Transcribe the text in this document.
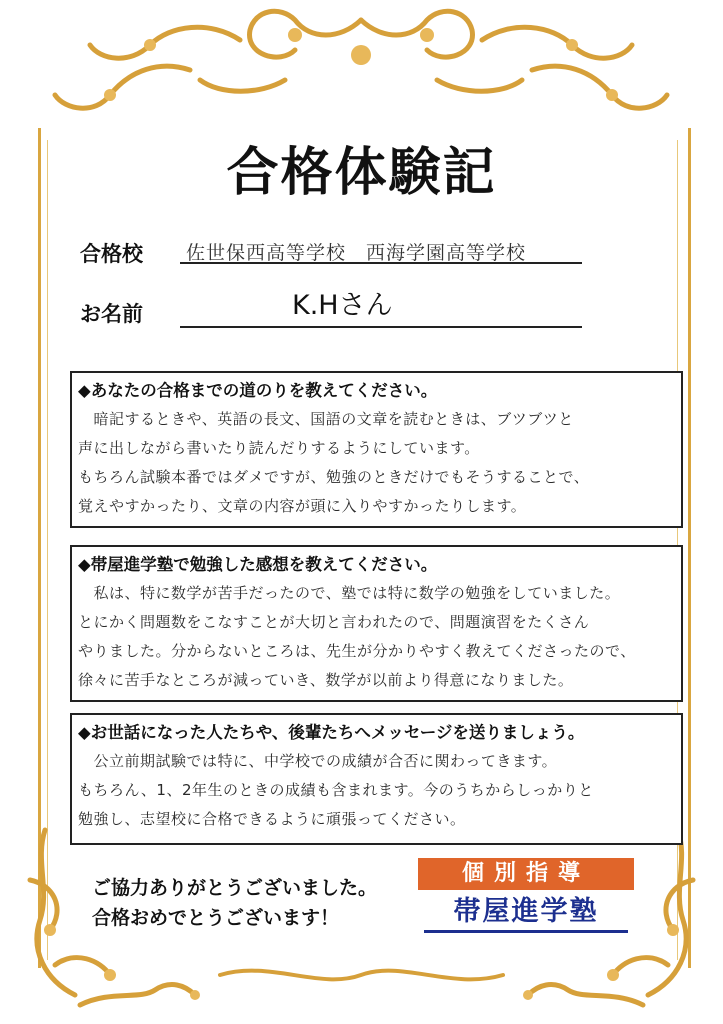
合格体験記
合格校 佐世保西高等学校　西海学園高等学校
お名前	K.Hさん
◆あなたの合格までの道のりを教えてください。

　暗記するときや、英語の長文、国語の文章を読むときは、ブツブツと

声に出しながら書いたり読んだりするようにしています。

もちろん試験本番ではダメですが、勉強のときだけでもそうすることで、

覚えやすかったり、文章の内容が頭に入りやすかったりします。

◆帯屋進学塾で勉強した感想を教えてください。

　私は、特に数学が苦手だったので、塾では特に数学の勉強をしていました。

とにかく問題数をこなすことが大切と言われたので、問題演習をたくさん

やりました。分からないところは、先生が分かりやすく教えてくださったので、

徐々に苦手なところが減っていき、数学が以前より得意になりました。

◆お世話になった人たちや、後輩たちへメッセージを送りましょう。

　公立前期試験では特に、中学校での成績が合否に関わってきます。

もちろん、1、2年生のときの成績も含まれます。今のうちからしっかりと

勉強し、志望校に合格できるように頑張ってください。

ご協力ありがとうございました。
合格おめでとうございます！
個別指導
帯屋進学塾
